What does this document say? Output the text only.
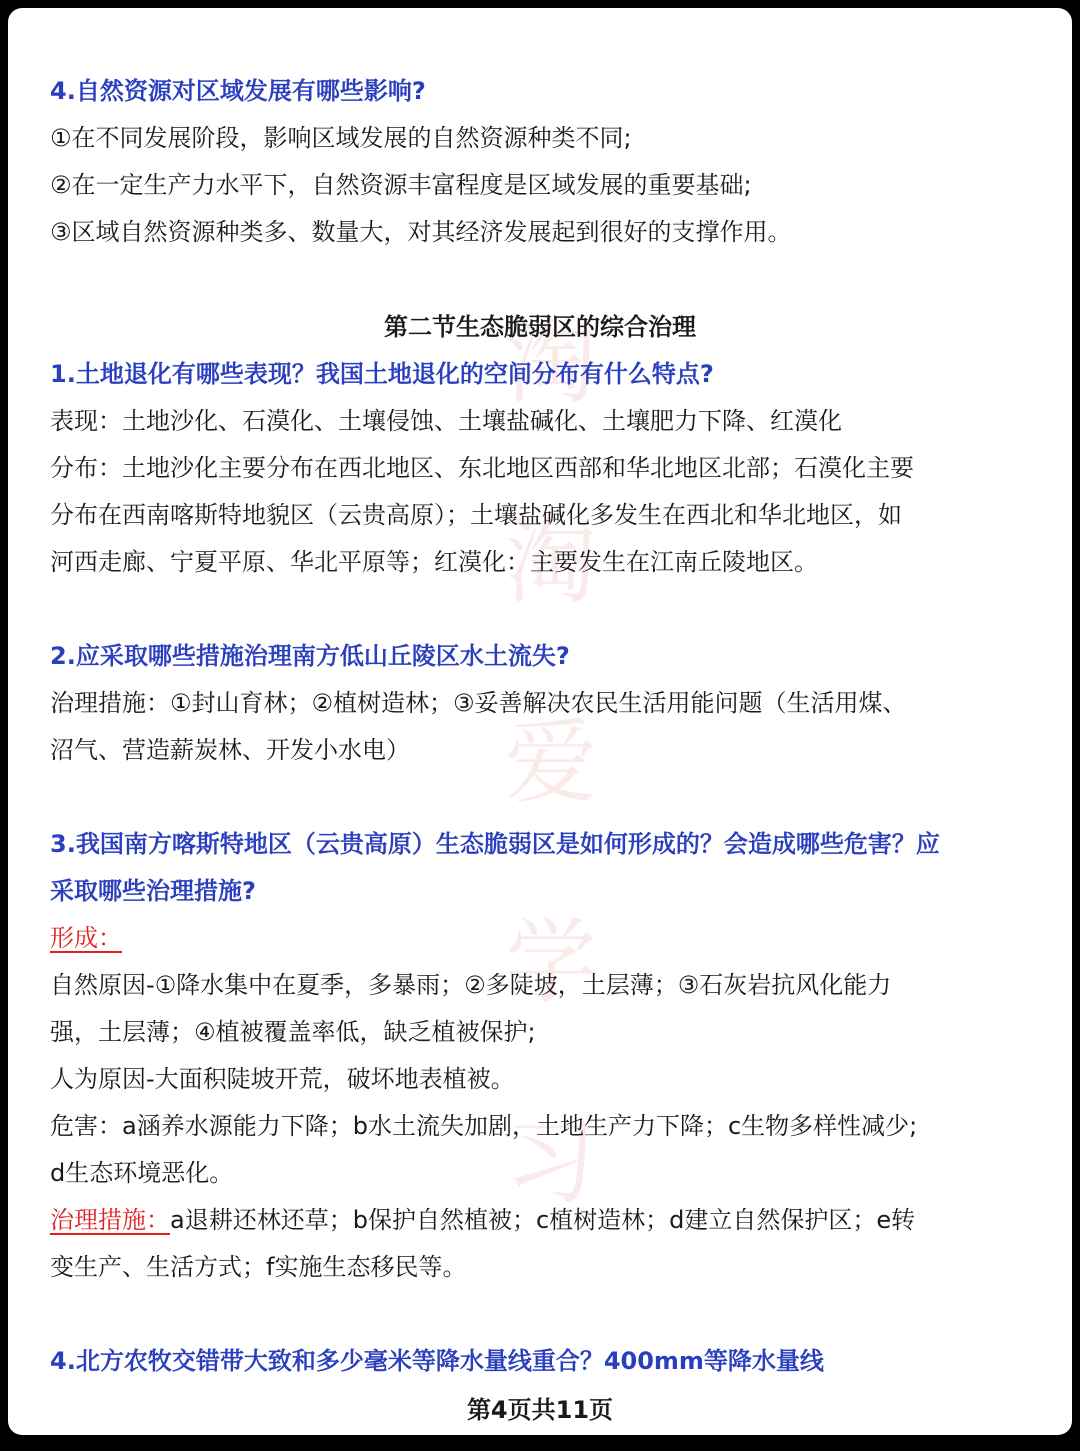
淘
淘
爱
学
习
4.自然资源对区域发展有哪些影响?
①在不同发展阶段，影响区域发展的自然资源种类不同;
②在一定生产力水平下，自然资源丰富程度是区域发展的重要基础;
③区域自然资源种类多、数量大，对其经济发展起到很好的支撑作用。
第二节生态脆弱区的综合治理
1.土地退化有哪些表现？我国土地退化的空间分布有什么特点?
表现：土地沙化、石漠化、土壤侵蚀、土壤盐碱化、土壤肥力下降、红漠化
分布：土地沙化主要分布在西北地区、东北地区西部和华北地区北部；石漠化主要
分布在西南喀斯特地貌区（云贵高原）；土壤盐碱化多发生在西北和华北地区，如
河西走廊、宁夏平原、华北平原等；红漠化：主要发生在江南丘陵地区。
2.应采取哪些措施治理南方低山丘陵区水土流失?
治理措施：①封山育林；②植树造林；③妥善解决农民生活用能问题（生活用煤、
沼气、营造薪炭林、开发小水电）
3.我国南方喀斯特地区（云贵高原）生态脆弱区是如何形成的？会造成哪些危害？应
采取哪些治理措施?
形成：
自然原因-①降水集中在夏季，多暴雨；②多陡坡，土层薄；③石灰岩抗风化能力
强，土层薄；④植被覆盖率低，缺乏植被保护;
人为原因-大面积陡坡开荒，破坏地表植被。
危害：a涵养水源能力下降；b水土流失加剧，土地生产力下降；c生物多样性减少;
d生态环境恶化。
治理措施：a退耕还林还草；b保护自然植被；c植树造林；d建立自然保护区；e转
变生产、生活方式；f实施生态移民等。
4.北方农牧交错带大致和多少毫米等降水量线重合？400mm等降水量线
第4页共11页
